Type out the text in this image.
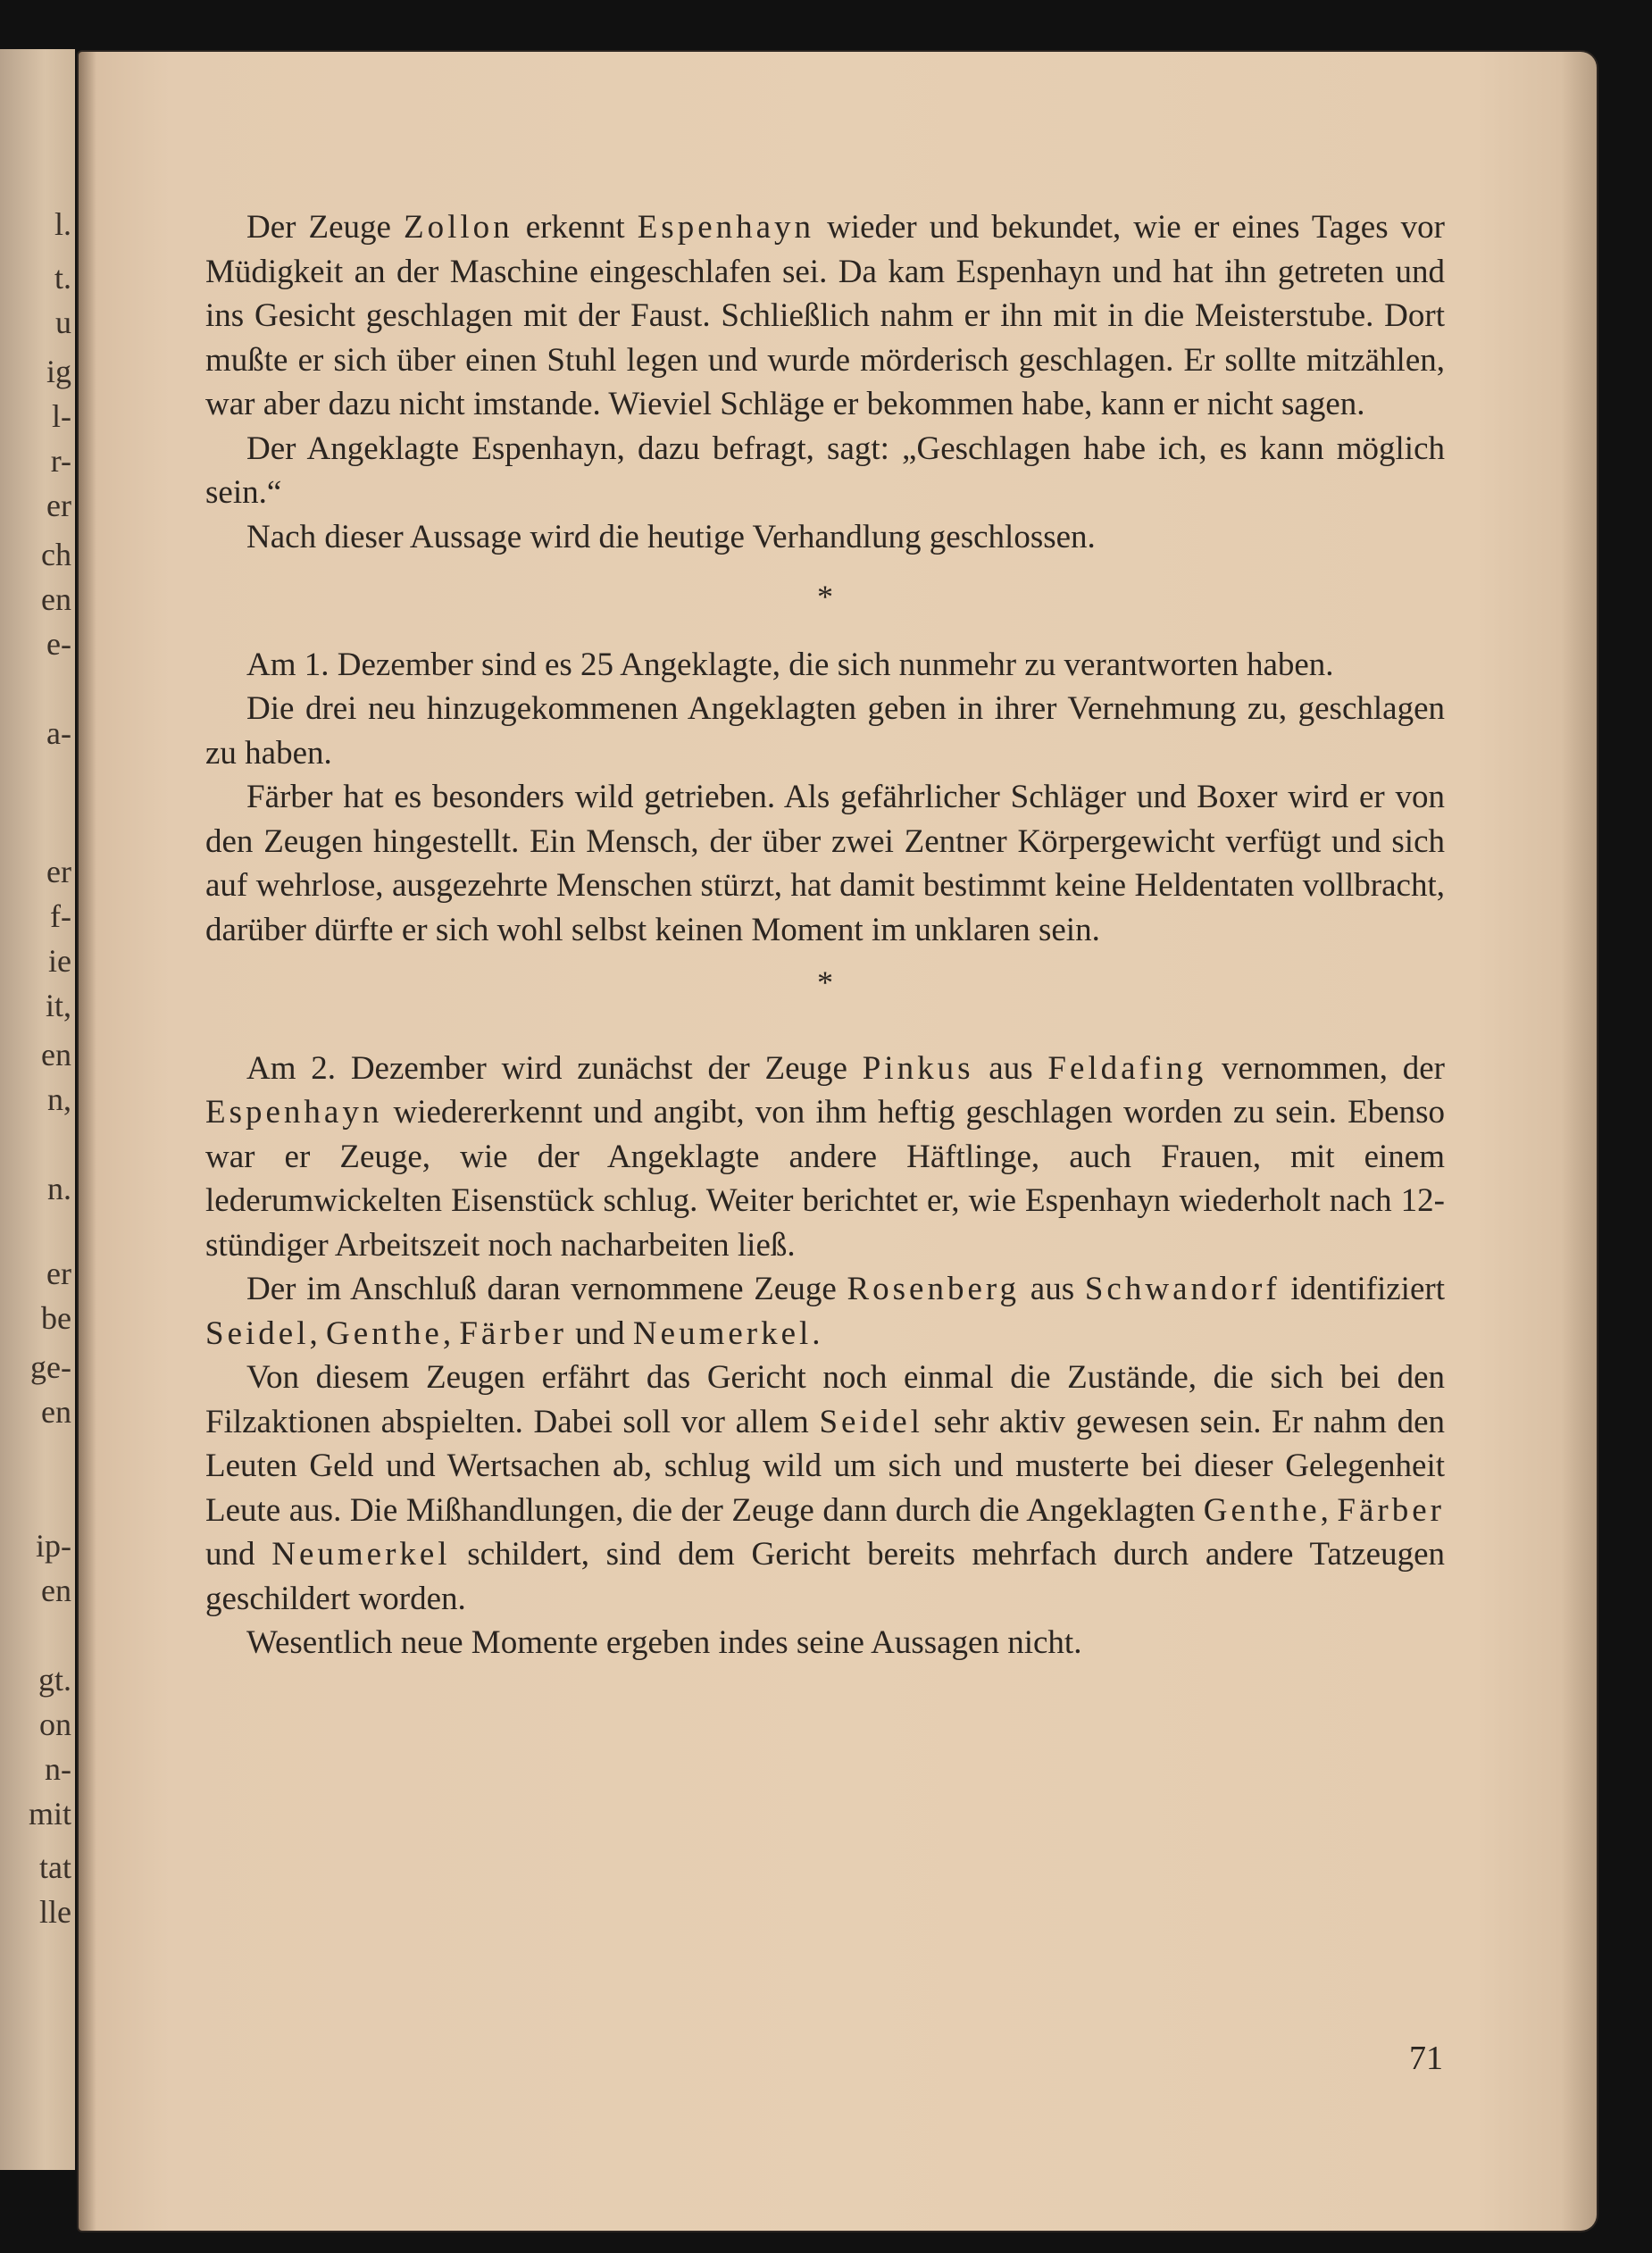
l.
t.
u
ig
l-
r-
er
ch
en
e-
a-
er
f-
ie
it,
en
n,
n.
er
be
ge-
en
ip-
en
gt.
on
n-
mit
tat
lle

Der Zeuge Zollon erkennt Espenhayn wieder und bekundet, wie er eines Tages vor Müdigkeit an der Maschine eingeschlafen sei. Da kam Espenhayn und hat ihn getreten und ins Gesicht geschlagen mit der Faust. Schließlich nahm er ihn mit in die Meisterstube. Dort mußte er sich über einen Stuhl legen und wurde mörderisch geschlagen. Er sollte mitzählen, war aber dazu nicht imstande. Wieviel Schläge er bekommen habe, kann er nicht sagen.

Der Angeklagte Espenhayn, dazu befragt, sagt: „Geschlagen habe ich, es kann möglich sein.“

Nach dieser Aussage wird die heutige Verhandlung geschlossen.

*

Am 1. Dezember sind es 25 Angeklagte, die sich nunmehr zu verantworten haben.

Die drei neu hinzugekommenen Angeklagten geben in ihrer Vernehmung zu, geschlagen zu haben.

Färber hat es besonders wild getrieben. Als gefährlicher Schläger und Boxer wird er von den Zeugen hingestellt. Ein Mensch, der über zwei Zentner Körpergewicht verfügt und sich auf wehrlose, ausgezehrte Menschen stürzt, hat damit bestimmt keine Heldentaten vollbracht, darüber dürfte er sich wohl selbst keinen Moment im unklaren sein.

*

Am 2. Dezember wird zunächst der Zeuge Pinkus aus Feldafing vernommen, der Espenhayn wiedererkennt und angibt, von ihm heftig geschlagen worden zu sein. Ebenso war er Zeuge, wie der Angeklagte andere Häftlinge, auch Frauen, mit einem lederumwickelten Eisenstück schlug. Weiter berichtet er, wie Espenhayn wiederholt nach 12-stündiger Arbeitszeit noch nacharbeiten ließ.

Der im Anschluß daran vernommene Zeuge Rosenberg aus Schwandorf identifiziert Seidel, Genthe, Färber und Neumerkel.

Von diesem Zeugen erfährt das Gericht noch einmal die Zustände, die sich bei den Filzaktionen abspielten. Dabei soll vor allem Seidel sehr aktiv gewesen sein. Er nahm den Leuten Geld und Wertsachen ab, schlug wild um sich und musterte bei dieser Gelegenheit Leute aus. Die Mißhandlungen, die der Zeuge dann durch die Angeklagten Genthe, Färber und Neumerkel schildert, sind dem Gericht bereits mehrfach durch andere Tatzeugen geschildert worden.

Wesentlich neue Momente ergeben indes seine Aussagen nicht.

71
